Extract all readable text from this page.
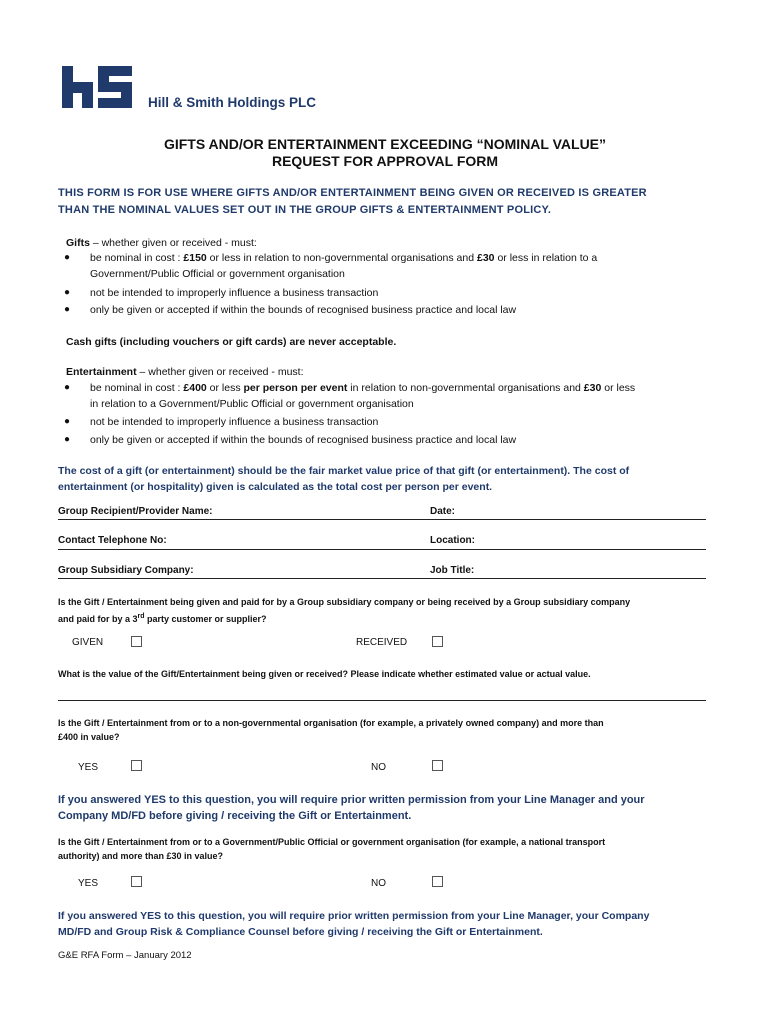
Hill & Smith Holdings PLC
GIFTS AND/OR ENTERTAINMENT EXCEEDING “NOMINAL VALUE”
REQUEST FOR APPROVAL FORM
THIS FORM IS FOR USE WHERE GIFTS AND/OR ENTERTAINMENT BEING GIVEN OR RECEIVED IS GREATER
THAN THE NOMINAL VALUES SET OUT IN THE GROUP GIFTS & ENTERTAINMENT POLICY.
Gifts – whether given or received - must:
● be nominal in cost : £150 or less in relation to non-governmental organisations and £30 or less in relation to a
Government/Public Official or government organisation
● not be intended to improperly influence a business transaction
● only be given or accepted if within the bounds of recognised business practice and local law
Cash gifts (including vouchers or gift cards) are never acceptable.
Entertainment – whether given or received - must:
● be nominal in cost : £400 or less per person per event in relation to non-governmental organisations and £30 or less
in relation to a Government/Public Official or government organisation
● not be intended to improperly influence a business transaction
● only be given or accepted if within the bounds of recognised business practice and local law
The cost of a gift (or entertainment) should be the fair market value price of that gift (or entertainment). The cost of
entertainment (or hospitality) given is calculated as the total cost per person per event.
Group Recipient/Provider Name:	Date:
Contact Telephone No:	Location:
Group Subsidiary Company:	Job Title:
Is the Gift / Entertainment being given and paid for by a Group subsidiary company or being received by a Group subsidiary company
and paid for by a 3rd party customer or supplier?
GIVEN	RECEIVED
What is the value of the Gift/Entertainment being given or received? Please indicate whether estimated value or actual value.
Is the Gift / Entertainment from or to a non-governmental organisation (for example, a privately owned company) and more than
£400 in value?
YES	NO
If you answered YES to this question, you will require prior written permission from your Line Manager and your
Company MD/FD before giving / receiving the Gift or Entertainment.
Is the Gift / Entertainment from or to a Government/Public Official or government organisation (for example, a national transport
authority) and more than £30 in value?
YES	NO
If you answered YES to this question, you will require prior written permission from your Line Manager, your Company
MD/FD and Group Risk & Compliance Counsel before giving / receiving the Gift or Entertainment.
G&E RFA Form – January 2012
